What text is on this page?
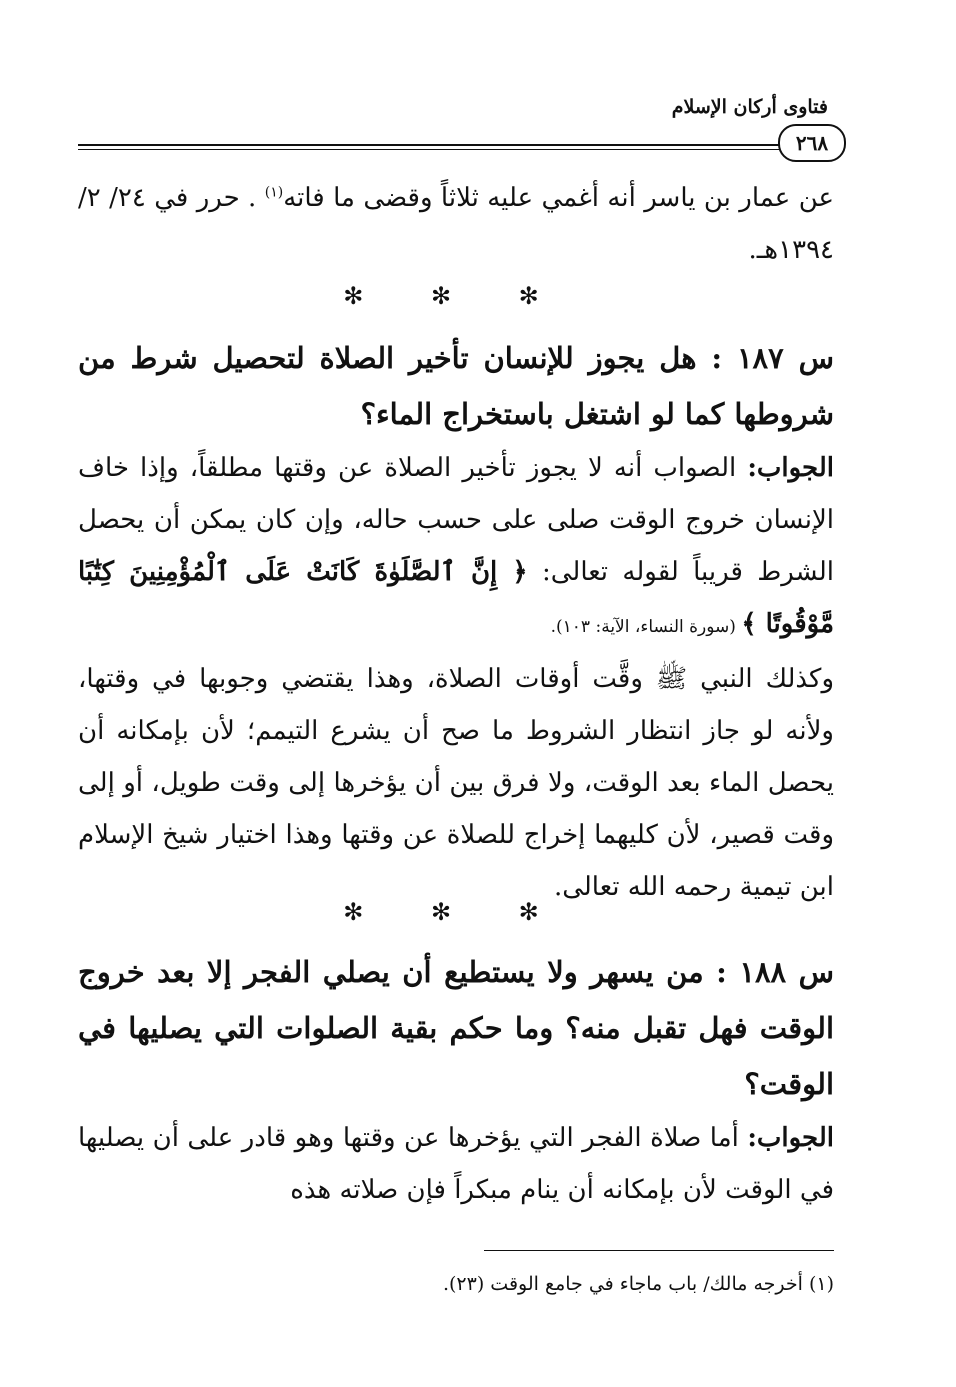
فتاوى أركان الإسلام
٢٦٨

عن عمار بن ياسر أنه أغمي عليه ثلاثاً وقضى ما فاته$^{(١)}$ . حرر في ٢٤/ ٢/ ١٣٩٤هـ.

✻ ✻ ✻

س ١٨٧ : هل يجوز للإنسان تأخير الصلاة لتحصيل شرط من شروطها كما لو اشتغل باستخراج الماء؟

الجواب: الصواب أنه لا يجوز تأخير الصلاة عن وقتها مطلقاً، وإذا خاف الإنسان خروج الوقت صلى على حسب حاله، وإن كان يمكن أن يحصل الشرط قريباً لقوله تعالى: ﴿ إِنَّ ٱلصَّلَوٰةَ كَانَتْ عَلَى ٱلْمُؤْمِنِينَ كِتَٰبًا مَّوْقُوتًا ﴾ (سورة النساء، الآية: ١٠٣).

وكذلك النبي ﷺ وقَّت أوقات الصلاة، وهذا يقتضي وجوبها في وقتها، ولأنه لو جاز انتظار الشروط ما صح أن يشرع التيمم؛ لأن بإمكانه أن يحصل الماء بعد الوقت، ولا فرق بين أن يؤخرها إلى وقت طويل، أو إلى وقت قصير، لأن كليهما إخراج للصلاة عن وقتها وهذا اختيار شيخ الإسلام ابن تيمية رحمه الله تعالى.

✻ ✻ ✻

س ١٨٨ : من يسهر ولا يستطيع أن يصلي الفجر إلا بعد خروج الوقت فهل تقبل منه؟ وما حكم بقية الصلوات التي يصليها في الوقت؟

الجواب: أما صلاة الفجر التي يؤخرها عن وقتها وهو قادر على أن يصليها في الوقت لأن بإمكانه أن ينام مبكراً فإن صلاته هذه

(١) أخرجه مالك/ باب ماجاء في جامع الوقت (٢٣).
